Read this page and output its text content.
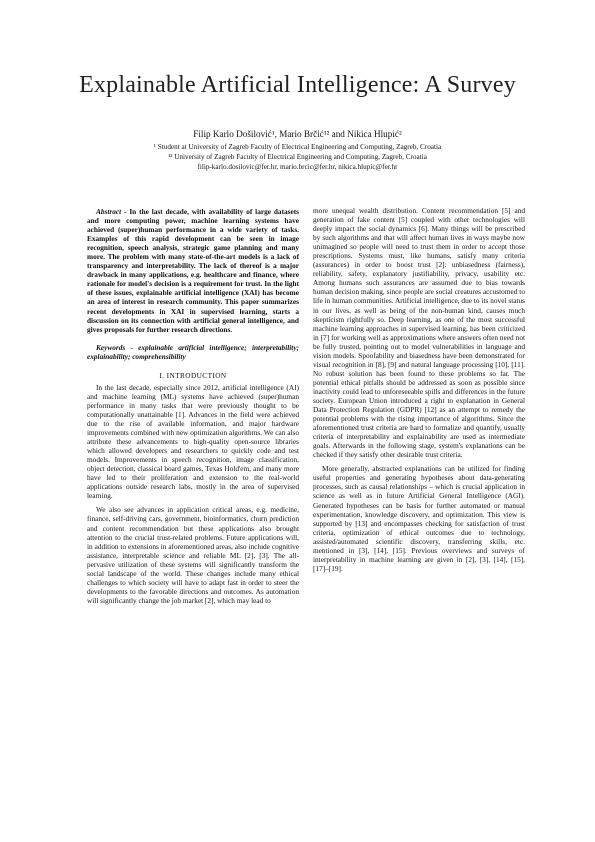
Explainable Artificial Intelligence: A Survey

Filip Karlo Došilović¹, Mario Brčić¹² and Nikica Hlupić²

¹ Student at University of Zagreb Faculty of Electrical Engineering and Computing, Zagreb, Croatia

¹² University of Zagreb Faculty of Electrical Engineering and Computing, Zagreb, Croatia

filip-karlo.dosilovic@fer.hr, mario.brcic@fer.hr, nikica.hlupic@fer.hr

Abstract - In the last decade, with availability of large datasets and more computing power, machine learning systems have achieved (super)human performance in a wide variety of tasks. Examples of this rapid development can be seen in image recognition, speech analysis, strategic game planning and many more. The problem with many state-of-the-art models is a lack of transparency and interpretability. The lack of thereof is a major drawback in many applications, e.g. healthcare and finance, where rationale for model's decision is a requirement for trust. In the light of these issues, explainable artificial intelligence (XAI) has become an area of interest in research community. This paper summarizes recent developments in XAI in supervised learning, starts a discussion on its connection with artificial general intelligence, and gives proposals for further research directions.

Keywords - explainable artificial intelligence; interpretability; explainability; comprehensibility

I. INTRODUCTION

In the last decade, especially since 2012, artificial intelligence (AI) and machine learning (ML) systems have achieved (super)human performance in many tasks that were previously thought to be computationally unattainable [1]. Advances in the field were achieved due to the rise of available information, and major hardware improvements combined with new optimization algorithms. We can also attribute these advancements to high-quality open-source libraries which allowed developers and researchers to quickly code and test models. Improvements in speech recognition, image classification, object detection, classical board games, Texas Hold'em, and many more have led to their proliferation and extension to the real-world applications outside research labs, mostly in the area of supervised learning.

We also see advances in application critical areas, e.g. medicine, finance, self-driving cars, government, bioinformatics, churn prediction and content recommendation but these applications also brought attention to the crucial trust-related problems. Future applications will, in addition to extensions in aforementioned areas, also include cognitive assistance, interpretable science and reliable ML [2], [3]. The all-pervasive utilization of these systems will significantly transform the social landscape of the world. These changes include many ethical challenges to which society will have to adapt fast in order to steer the developments to the favorable directions and outcomes. As automation will significantly change the job market [2], which may lead to

more unequal wealth distribution. Content recommendation [5] and generation of fake content [5] coupled with other technologies will deeply impact the social dynamics [6]. Many things will be prescribed by such algorithms and that will affect human lives in ways maybe now unimagined so people will need to trust them in order to accept those prescriptions. Systems must, like humans, satisfy many criteria (assurances) in order to boost trust [2]: unbiasedness (fairness), reliability, safety, explanatory justifiability, privacy, usability etc. Among humans such assurances are assumed due to bias towards human decision making, since people are social creatures accustomed to life in human communities. Artificial intelligence, due to its novel status in our lives, as well as being of the non-human kind, causes much skepticism rightfully so. Deep learning, as one of the most successful machine learning approaches in supervised learning, has been criticized in [7] for working well as approximations where answers often need not be fully trusted, pointing out to model vulnerabilities in language and vision models. Spoofability and biasedness have been demonstrated for visual recognition in [8], [9] and natural language processing [10], [11]. No robust solution has been found to these problems so far. The potential ethical pitfalls should be addressed as soon as possible since inactivity could lead to unforeseeable spills and differences in the future society. European Union introduced a right to explanation in General Data Protection Regulation (GDPR) [12] as an attempt to remedy the potential problems with the rising importance of algorithms. Since the aforementioned trust criteria are hard to formalize and quantify, usually criteria of interpretability and explainability are used as intermediate goals. Afterwards in the following stage, system's explanations can be checked if they satisfy other desirable trust criteria.

More generally, abstracted explanations can be utilized for finding useful properties and generating hypotheses about data-generating processes, such as causal relationships – which is crucial application in science as well as in future Artificial General Intelligence (AGI). Generated hypotheses can be basis for further automated or manual experimentation, knowledge discovery, and optimization. This view is supported by [13] and encompasses checking for satisfaction of trust criteria, optimization of ethical outcomes due to technology, assisted/automated scientific discovery, transferring skills, etc. mentioned in [3], [14], [15]. Previous overviews and surveys of interpretability in machine learning are given in [2], [3], [14], [15], [17]–[19].
